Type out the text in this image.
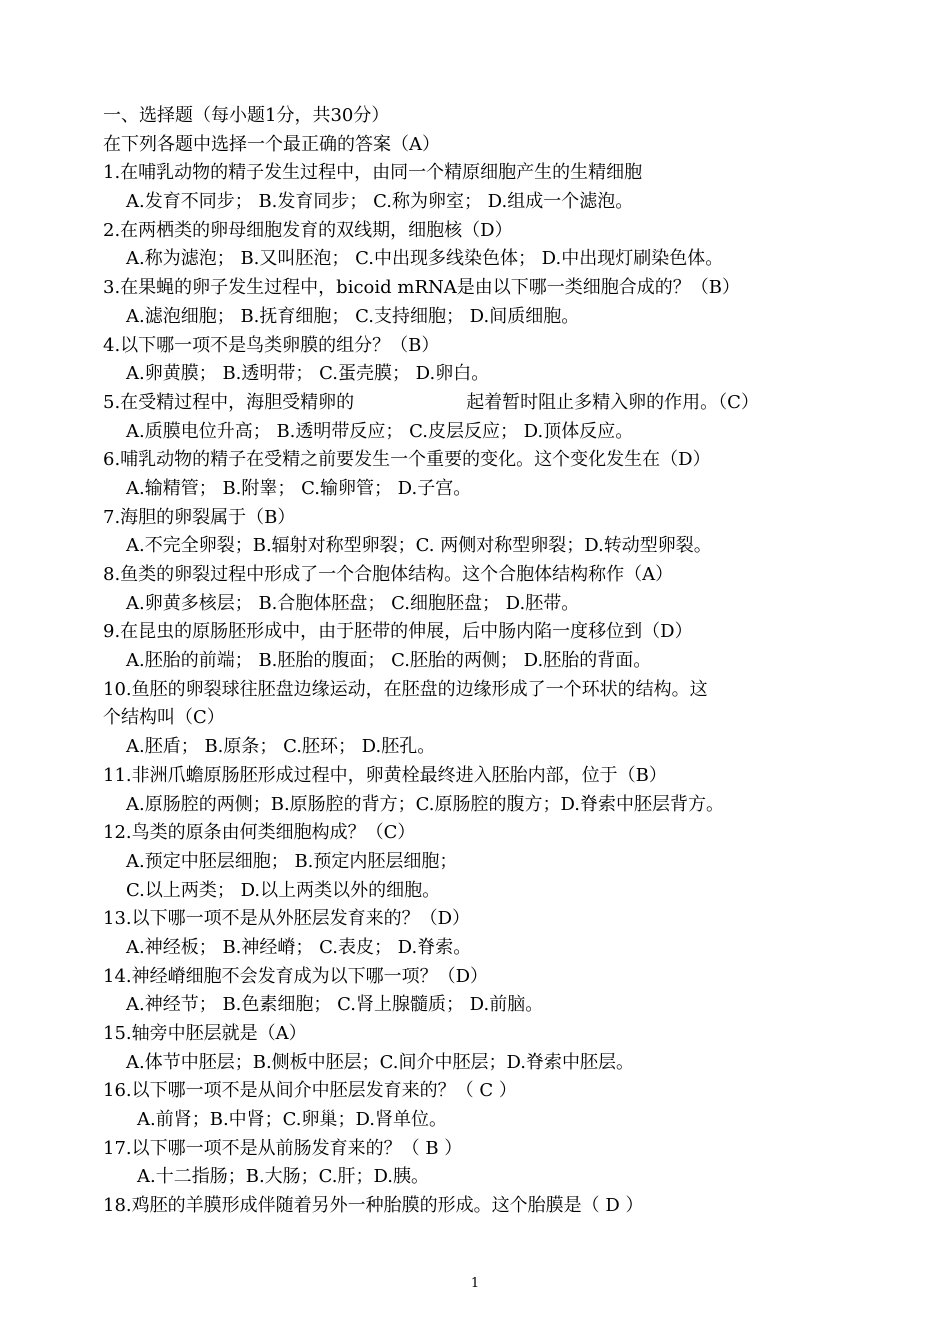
一、选择题（每小题1分，共30分）
在下列各题中选择一个最正确的答案（A）
1.在哺乳动物的精子发生过程中，由同一个精原细胞产生的生精细胞
A.发育不同步； B.发育同步； C.称为卵室； D.组成一个滤泡。
2.在两栖类的卵母细胞发育的双线期，细胞核（D）
A.称为滤泡； B.又叫胚泡； C.中出现多线染色体； D.中出现灯刷染色体。
3.在果蝇的卵子发生过程中，bicoid mRNA是由以下哪一类细胞合成的？（B）
A.滤泡细胞； B.抚育细胞； C.支持细胞； D.间质细胞。
4.以下哪一项不是鸟类卵膜的组分？（B）
A.卵黄膜； B.透明带； C.蛋壳膜； D.卵白。
5.在受精过程中，海胆受精卵的	起着暂时阻止多精入卵的作用。（C）
A.质膜电位升高； B.透明带反应； C.皮层反应； D.顶体反应。
6.哺乳动物的精子在受精之前要发生一个重要的变化。这个变化发生在（D）
A.输精管； B.附睾； C.输卵管； D.子宫。
7.海胆的卵裂属于（B）
A.不完全卵裂；B.辐射对称型卵裂；C. 两侧对称型卵裂；D.转动型卵裂。
8.鱼类的卵裂过程中形成了一个合胞体结构。这个合胞体结构称作（A）
A.卵黄多核层； B.合胞体胚盘； C.细胞胚盘； D.胚带。
9.在昆虫的原肠胚形成中，由于胚带的伸展，后中肠内陷一度移位到（D）
A.胚胎的前端； B.胚胎的腹面； C.胚胎的两侧； D.胚胎的背面。
10.鱼胚的卵裂球往胚盘边缘运动，在胚盘的边缘形成了一个环状的结构。这
个结构叫（C）
A.胚盾； B.原条； C.胚环； D.胚孔。
11.非洲爪蟾原肠胚形成过程中，卵黄栓最终进入胚胎内部，位于（B）
A.原肠腔的两侧；B.原肠腔的背方；C.原肠腔的腹方；D.脊索中胚层背方。
12.鸟类的原条由何类细胞构成？（C）
A.预定中胚层细胞； B.预定内胚层细胞；
C.以上两类； D.以上两类以外的细胞。
13.以下哪一项不是从外胚层发育来的？（D）
A.神经板； B.神经嵴； C.表皮； D.脊索。
14.神经嵴细胞不会发育成为以下哪一项？（D）
A.神经节； B.色素细胞； C.肾上腺髓质； D.前脑。
15.轴旁中胚层就是（A）
A.体节中胚层；B.侧板中胚层；C.间介中胚层；D.脊索中胚层。
16.以下哪一项不是从间介中胚层发育来的？（ C ）
A.前肾；B.中肾；C.卵巢；D.肾单位。
17.以下哪一项不是从前肠发育来的？（ B ）
A.十二指肠；B.大肠；C.肝；D.胰。
18.鸡胚的羊膜形成伴随着另外一种胎膜的形成。这个胎膜是（ D ）
1
